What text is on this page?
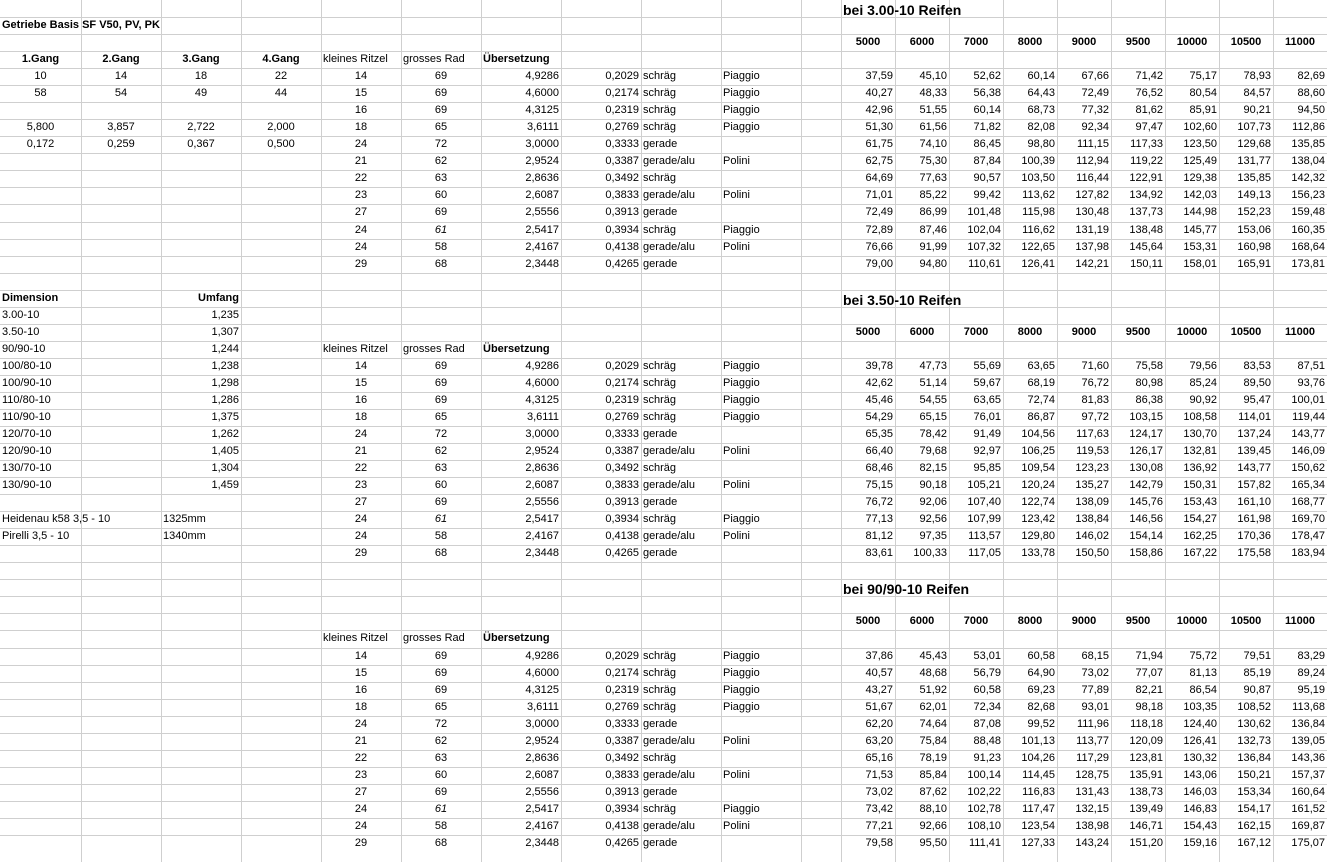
Getriebe Basis SF V50, PV, PK
1.Gang	2.Gang	3.Gang	4.Gang
10	14	18	22
58	54	49	44
5,800	3,857	2,722	2,000
0,172	0,259	0,367	0,500
Dimension	Umfang
3.00-10	1,235
3.50-10	1,307
90/90-10	1,244
100/80-10	1,238
100/90-10	1,298
110/80-10	1,286
110/90-10	1,375
120/70-10	1,262
120/90-10	1,405
130/70-10	1,304
130/90-10	1,459
Heidenau k58 3,5 - 10	1325mm
Pirelli 3,5 - 10	1340mm
bei 3.00-10 Reifen
5000	6000	7000	8000	9000	9500	10000	10500	11000
kleines Ritzel	grosses Rad	Übersetzung
14	69	4,9286	0,2029 schräg	Piaggio	37,59	45,10	52,62	60,14	67,66	71,42	75,17	78,93	82,69
15	69	4,6000	0,2174 schräg	Piaggio	40,27	48,33	56,38	64,43	72,49	76,52	80,54	84,57	88,60
16	69	4,3125	0,2319 schräg	Piaggio	42,96	51,55	60,14	68,73	77,32	81,62	85,91	90,21	94,50
18	65	3,6111	0,2769 schräg	Piaggio	51,30	61,56	71,82	82,08	92,34	97,47	102,60	107,73	112,86
24	72	3,0000	0,3333 gerade	61,75	74,10	86,45	98,80	111,15	117,33	123,50	129,68	135,85
21	62	2,9524	0,3387 gerade/alu	Polini	62,75	75,30	87,84	100,39	112,94	119,22	125,49	131,77	138,04
22	63	2,8636	0,3492 schräg	64,69	77,63	90,57	103,50	116,44	122,91	129,38	135,85	142,32
23	60	2,6087	0,3833 gerade/alu	Polini	71,01	85,22	99,42	113,62	127,82	134,92	142,03	149,13	156,23
27	69	2,5556	0,3913 gerade	72,49	86,99	101,48	115,98	130,48	137,73	144,98	152,23	159,48
24	61	2,5417	0,3934 schräg	Piaggio	72,89	87,46	102,04	116,62	131,19	138,48	145,77	153,06	160,35
24	58	2,4167	0,4138 gerade/alu	Polini	76,66	91,99	107,32	122,65	137,98	145,64	153,31	160,98	168,64
29	68	2,3448	0,4265 gerade	79,00	94,80	110,61	126,41	142,21	150,11	158,01	165,91	173,81
bei 3.50-10 Reifen
5000	6000	7000	8000	9000	9500	10000	10500	11000
kleines Ritzel	grosses Rad	Übersetzung
14	69	4,9286	0,2029 schräg	Piaggio	39,78	47,73	55,69	63,65	71,60	75,58	79,56	83,53	87,51
15	69	4,6000	0,2174 schräg	Piaggio	42,62	51,14	59,67	68,19	76,72	80,98	85,24	89,50	93,76
16	69	4,3125	0,2319 schräg	Piaggio	45,46	54,55	63,65	72,74	81,83	86,38	90,92	95,47	100,01
18	65	3,6111	0,2769 schräg	Piaggio	54,29	65,15	76,01	86,87	97,72	103,15	108,58	114,01	119,44
24	72	3,0000	0,3333 gerade	65,35	78,42	91,49	104,56	117,63	124,17	130,70	137,24	143,77
21	62	2,9524	0,3387 gerade/alu	Polini	66,40	79,68	92,97	106,25	119,53	126,17	132,81	139,45	146,09
22	63	2,8636	0,3492 schräg	68,46	82,15	95,85	109,54	123,23	130,08	136,92	143,77	150,62
23	60	2,6087	0,3833 gerade/alu	Polini	75,15	90,18	105,21	120,24	135,27	142,79	150,31	157,82	165,34
27	69	2,5556	0,3913 gerade	76,72	92,06	107,40	122,74	138,09	145,76	153,43	161,10	168,77
24	61	2,5417	0,3934 schräg	Piaggio	77,13	92,56	107,99	123,42	138,84	146,56	154,27	161,98	169,70
24	58	2,4167	0,4138 gerade/alu	Polini	81,12	97,35	113,57	129,80	146,02	154,14	162,25	170,36	178,47
29	68	2,3448	0,4265 gerade	83,61	100,33	117,05	133,78	150,50	158,86	167,22	175,58	183,94
bei 90/90-10 Reifen
5000	6000	7000	8000	9000	9500	10000	10500	11000
kleines Ritzel	grosses Rad	Übersetzung
14	69	4,9286	0,2029 schräg	Piaggio	37,86	45,43	53,01	60,58	68,15	71,94	75,72	79,51	83,29
15	69	4,6000	0,2174 schräg	Piaggio	40,57	48,68	56,79	64,90	73,02	77,07	81,13	85,19	89,24
16	69	4,3125	0,2319 schräg	Piaggio	43,27	51,92	60,58	69,23	77,89	82,21	86,54	90,87	95,19
18	65	3,6111	0,2769 schräg	Piaggio	51,67	62,01	72,34	82,68	93,01	98,18	103,35	108,52	113,68
24	72	3,0000	0,3333 gerade	62,20	74,64	87,08	99,52	111,96	118,18	124,40	130,62	136,84
21	62	2,9524	0,3387 gerade/alu	Polini	63,20	75,84	88,48	101,13	113,77	120,09	126,41	132,73	139,05
22	63	2,8636	0,3492 schräg	65,16	78,19	91,23	104,26	117,29	123,81	130,32	136,84	143,36
23	60	2,6087	0,3833 gerade/alu	Polini	71,53	85,84	100,14	114,45	128,75	135,91	143,06	150,21	157,37
27	69	2,5556	0,3913 gerade	73,02	87,62	102,22	116,83	131,43	138,73	146,03	153,34	160,64
24	61	2,5417	0,3934 schräg	Piaggio	73,42	88,10	102,78	117,47	132,15	139,49	146,83	154,17	161,52
24	58	2,4167	0,4138 gerade/alu	Polini	77,21	92,66	108,10	123,54	138,98	146,71	154,43	162,15	169,87
29	68	2,3448	0,4265 gerade	79,58	95,50	111,41	127,33	143,24	151,20	159,16	167,12	175,07
